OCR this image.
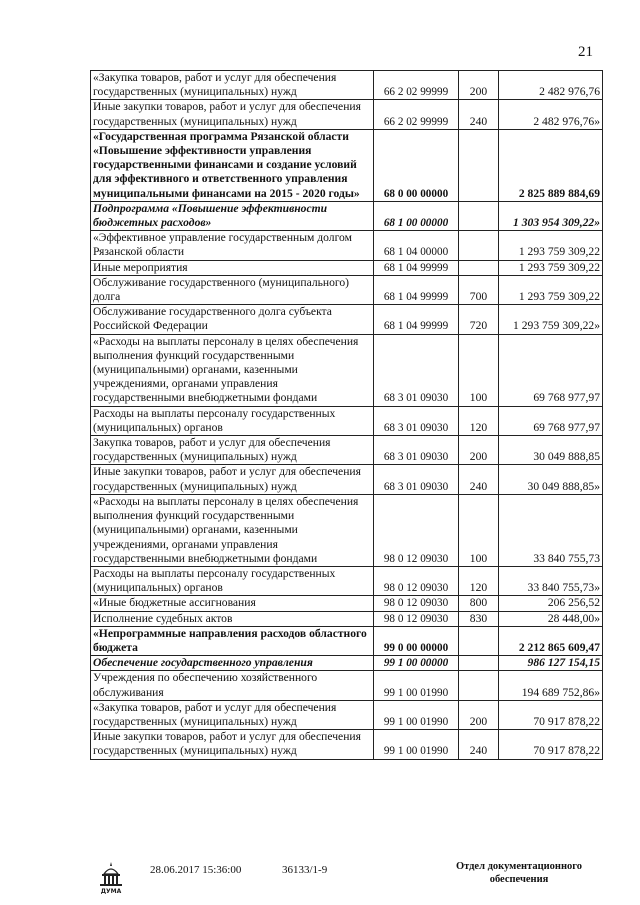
21
«Закупка товаров, работ и услуг для обеспечения государственных (муниципальных) нужд	66 2 02 99999	200	2 482 976,76
Иные закупки товаров, работ и услуг для обеспечения государственных (муниципальных) нужд	66 2 02 99999	240	2 482 976,76»
«Государственная программа Рязанской области «Повышение эффективности управления государственными финансами и создание условий для эффективного и ответственного управления муниципальными финансами на 2015 - 2020 годы»	68 0 00 00000		2 825 889 884,69
Подпрограмма «Повышение эффективности бюджетных расходов»	68 1 00 00000		1 303 954 309,22»
«Эффективное управление государственным долгом Рязанской области	68 1 04 00000		1 293 759 309,22
Иные мероприятия	68 1 04 99999		1 293 759 309,22
Обслуживание государственного (муниципального) долга	68 1 04 99999	700	1 293 759 309,22
Обслуживание государственного долга субъекта Российской Федерации	68 1 04 99999	720	1 293 759 309,22»
«Расходы на выплаты персоналу в целях обеспечения выполнения функций государственными (муниципальными) органами, казенными учреждениями, органами управления государственными внебюджетными фондами	68 3 01 09030	100	69 768 977,97
Расходы на выплаты персоналу государственных (муниципальных) органов	68 3 01 09030	120	69 768 977,97
Закупка товаров, работ и услуг для обеспечения государственных (муниципальных) нужд	68 3 01 09030	200	30 049 888,85
Иные закупки товаров, работ и услуг для обеспечения государственных (муниципальных) нужд	68 3 01 09030	240	30 049 888,85»
«Расходы на выплаты персоналу в целях обеспечения выполнения функций государственными (муниципальными) органами, казенными учреждениями, органами управления государственными внебюджетными фондами	98 0 12 09030	100	33 840 755,73
Расходы на выплаты персоналу государственных (муниципальных) органов	98 0 12 09030	120	33 840 755,73»
«Иные бюджетные ассигнования	98 0 12 09030	800	206 256,52
Исполнение судебных актов	98 0 12 09030	830	28 448,00»
«Непрограммные направления расходов областного бюджета	99 0 00 00000		2 212 865 609,47
Обеспечение государственного управления	99 1 00 00000		986 127 154,15
Учреждения по обеспечению хозяйственного обслуживания	99 1 00 01990		194 689 752,86»
«Закупка товаров, работ и услуг для обеспечения государственных (муниципальных) нужд	99 1 00 01990	200	70 917 878,22
Иные закупки товаров, работ и услуг для обеспечения государственных (муниципальных) нужд	99 1 00 01990	240	70 917 878,22
ДУМА
28.06.2017 15:36:00	36133/1-9	Отдел документационного
обеспечения
